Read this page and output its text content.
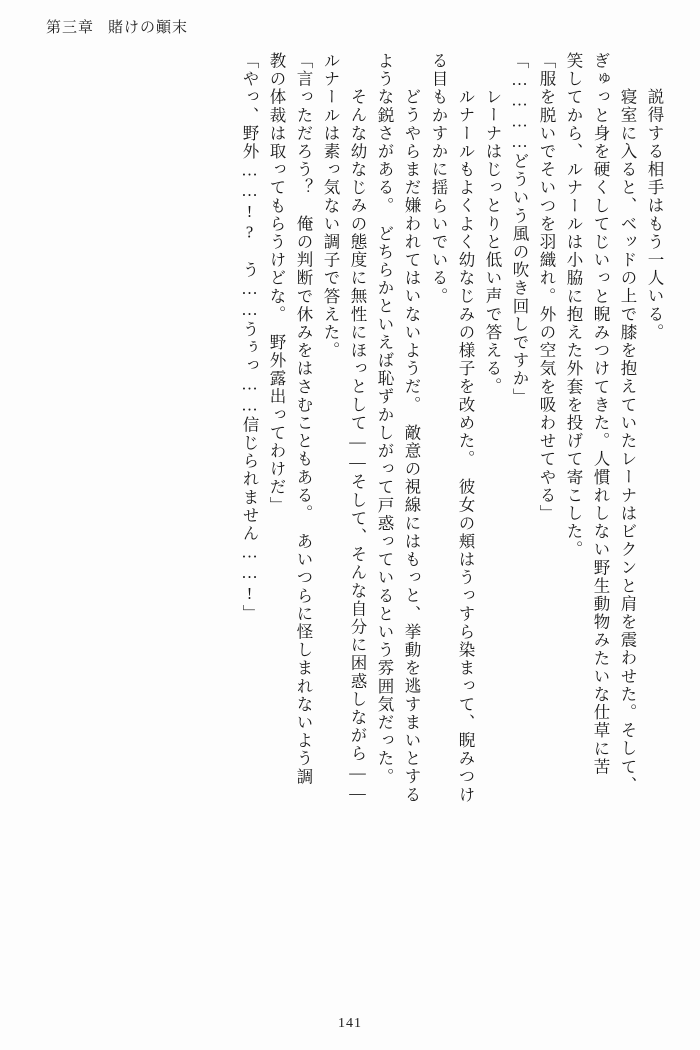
第三章 賭けの顚末
　説得する相手はもう一人いる。
　寝室に入ると、ベッドの上で膝を抱えていたレーナはビクンと肩を震わせた。そして、
ぎゅっと身を硬くしてじいっと睨みつけてきた。人慣れしない野生動物みたいな仕草に苦
笑してから、ルナールは小脇に抱えた外套を投げて寄こした。
「服を脱いでそいつを羽織れ。外の空気を吸わせてやる」
「…………どういう風の吹き回しですか」
　レーナはじっとりと低い声で答える。
　ルナールもよくよく幼なじみの様子を改めた。　彼女の頬はうっすら染まって、睨みつけ
る目もかすかに揺らいでいる。
　どうやらまだ嫌われてはいないようだ。　敵意の視線にはもっと、挙動を逃すまいとする
ような鋭さがある。　どちらかといえば恥ずかしがって戸惑っているという雰囲気だった。
　そんな幼なじみの態度に無性にほっとして——そして、そんな自分に困惑しながら——
ルナールは素っ気ない調子で答えた。
「言っただろう？　俺の判断で休みをはさむこともある。　あいつらに怪しまれないよう調
教の体裁は取ってもらうけどな。　野外露出ってわけだ」
「やっ、野外……!?　う……うぅっ……信じられません……!」
141
